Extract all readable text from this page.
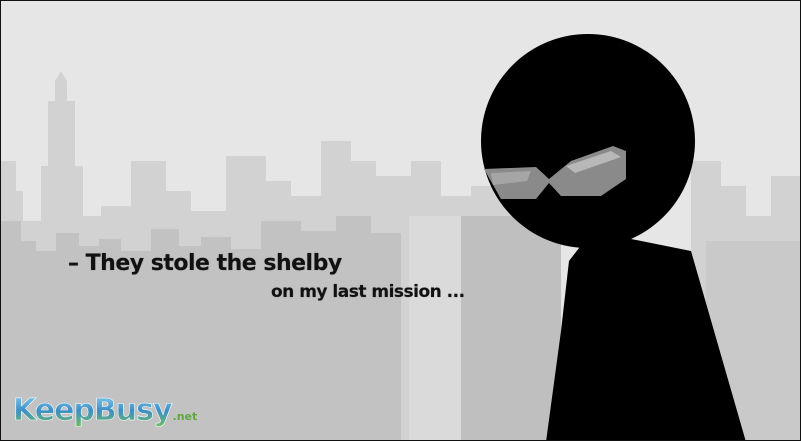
– They stole the shelby
on my last mission ...
KeepBusy.net
